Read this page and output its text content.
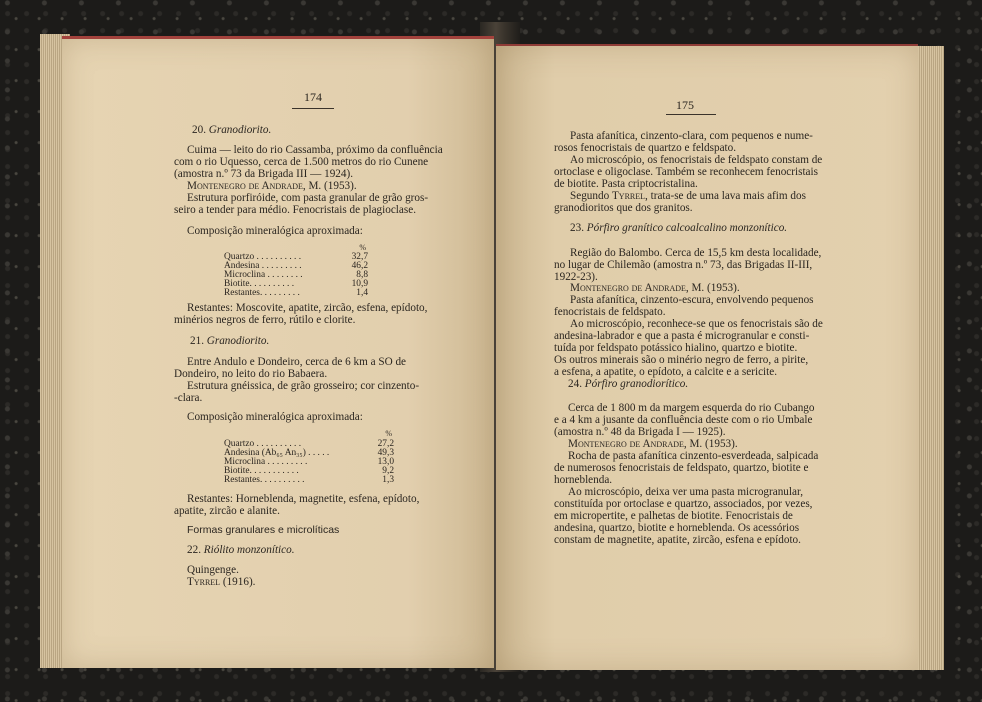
174
20. Granodiorito.
Cuima — leito do rio Cassamba, próximo da confluência
com o rio Uquesso, cerca de 1.500 metros do rio Cunene
(amostra n.º 73 da Brigada III — 1924).
Montenegro de Andrade, M. (1953).
Estrutura porfiróide, com pasta granular de grão gros-
seiro a tender para médio. Fenocristais de plagioclase.
Composição mineralógica aproximada:
%
Quartzo . . . . . . . . . .	32,7
Andesina . . . . . . . . .	46,2
Microclina . . . . . . . .	8,8
Biotite. . . . . . . . . .	10,9
Restantes. . . . . . . . .	1,4
Restantes: Moscovite, apatite, zircão, esfena, epídoto,
minérios negros de ferro, rútilo e clorite.
21. Granodiorito.
Entre Andulo e Dondeiro, cerca de 6 km a SO de
Dondeiro, no leito do rio Babaera.
Estrutura gnéissica, de grão grosseiro; cor cinzento-
-clara.
Composição mineralógica aproximada:
%
Quartzo . . . . . . . . . .	27,2
Andesina (Ab₆₅ An₃₅) . . . . .	49,3
Microclina . . . . . . . . .	13,0
Biotite. . . . . . . . . . .	9,2
Restantes. . . . . . . . . .	1,3
Restantes: Horneblenda, magnetite, esfena, epídoto,
apatite, zircão e alanite.
Formas granulares e microlíticas
22. Riólito monzonítico.
Quingenge.
Tyrrel (1916).
175
Pasta afanítica, cinzento-clara, com pequenos e nume-
rosos fenocristais de quartzo e feldspato.
Ao microscópio, os fenocristais de feldspato constam de
ortoclase e oligoclase. Também se reconhecem fenocristais
de biotite. Pasta criptocristalina.
Segundo Tyrrel, trata-se de uma lava mais afim dos
granodioritos que dos granitos.
23. Pórfiro granítico calcoalcalino monzonítico.
Região do Balombo. Cerca de 15,5 km desta localidade,
no lugar de Chilemão (amostra n.º 73, das Brigadas II-III,
1922-23).
Montenegro de Andrade, M. (1953).
Pasta afanítica, cinzento-escura, envolvendo pequenos
fenocristais de feldspato.
Ao microscópio, reconhece-se que os fenocristais são de
andesina-labrador e que a pasta é microgranular e consti-
tuída por feldspato potássico hialino, quartzo e biotite.
Os outros minerais são o minério negro de ferro, a pirite,
a esfena, a apatite, o epídoto, a calcite e a sericite.
24. Pórfiro granodiorítico.
Cerca de 1 800 m da margem esquerda do rio Cubango
e a 4 km a jusante da confluência deste com o rio Umbale
(amostra n.º 48 da Brigada I — 1925).
Montenegro de Andrade, M. (1953).
Rocha de pasta afanítica cinzento-esverdeada, salpicada
de numerosos fenocristais de feldspato, quartzo, biotite e
horneblenda.
Ao microscópio, deixa ver uma pasta microgranular,
constituída por ortoclase e quartzo, associados, por vezes,
em micropertite, e palhetas de biotite. Fenocristais de
andesina, quartzo, biotite e horneblenda. Os acessórios
constam de magnetite, apatite, zircão, esfena e epídoto.
